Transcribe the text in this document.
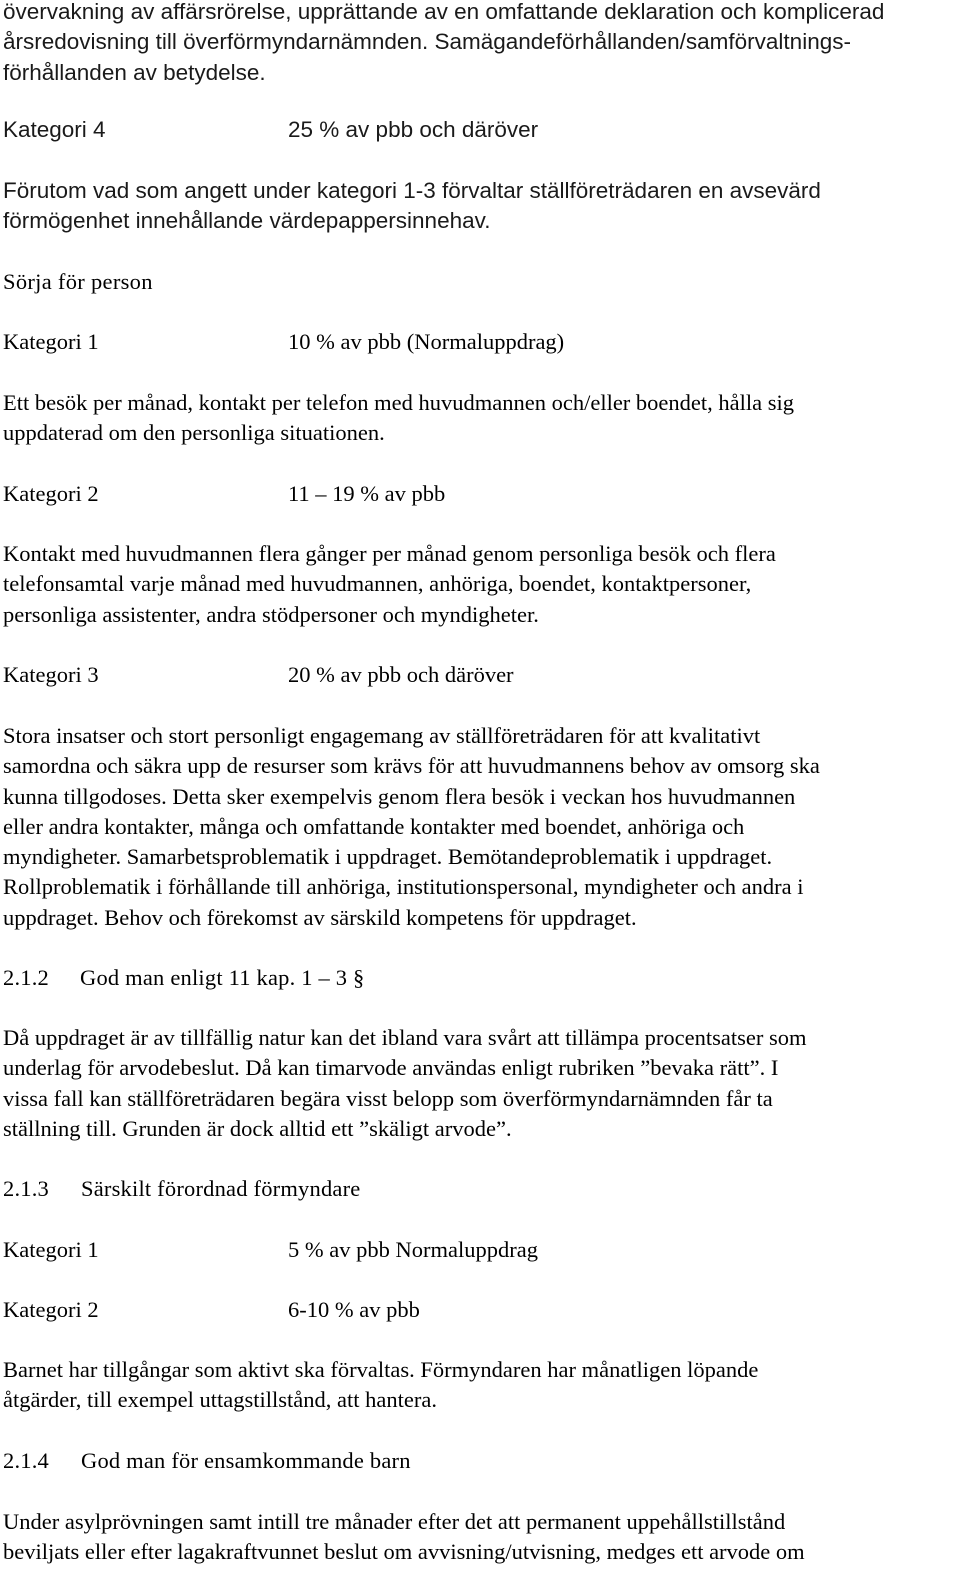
övervakning av affärsrörelse, upprättande av en omfattande deklaration och komplicerad
årsredovisning till överförmyndarnämnden. Samägandeförhållanden/samförvaltnings-
förhållanden av betydelse.
Kategori 4	25 % av pbb och däröver
Förutom vad som angett under kategori 1-3 förvaltar ställföreträdaren en avsevärd
förmögenhet innehållande värdepappersinnehav.
Sörja för person
Kategori 1	10 % av pbb (Normaluppdrag)
Ett besök per månad, kontakt per telefon med huvudmannen och/eller boendet, hålla sig
uppdaterad om den personliga situationen.
Kategori 2	11 – 19 % av pbb
Kontakt med huvudmannen flera gånger per månad genom personliga besök och flera
telefonsamtal varje månad med huvudmannen, anhöriga, boendet, kontaktpersoner,
personliga assistenter, andra stödpersoner och myndigheter.
Kategori 3	20 % av pbb och däröver
Stora insatser och stort personligt engagemang av ställföreträdaren för att kvalitativt
samordna och säkra upp de resurser som krävs för att huvudmannens behov av omsorg ska
kunna tillgodoses. Detta sker exempelvis genom flera besök i veckan hos huvudmannen
eller andra kontakter, många och omfattande kontakter med boendet, anhöriga och
myndigheter. Samarbetsproblematik i uppdraget. Bemötandeproblematik i uppdraget.
Rollproblematik i förhållande till anhöriga, institutionspersonal, myndigheter och andra i
uppdraget. Behov och förekomst av särskild kompetens för uppdraget.
2.1.2 God man enligt 11 kap. 1 – 3 §
Då uppdraget är av tillfällig natur kan det ibland vara svårt att tillämpa procentsatser som
underlag för arvodebeslut. Då kan timarvode användas enligt rubriken ”bevaka rätt”. I
vissa fall kan ställföreträdaren begära visst belopp som överförmyndarnämnden får ta
ställning till. Grunden är dock alltid ett ”skäligt arvode”.
2.1.3 Särskilt förordnad förmyndare
Kategori 1	5 % av pbb Normaluppdrag
Kategori 2	6-10 % av pbb
Barnet har tillgångar som aktivt ska förvaltas. Förmyndaren har månatligen löpande
åtgärder, till exempel uttagstillstånd, att hantera.
2.1.4 God man för ensamkommande barn
Under asylprövningen samt intill tre månader efter det att permanent uppehållstillstånd
beviljats eller efter lagakraftvunnet beslut om avvisning/utvisning, medges ett arvode om
